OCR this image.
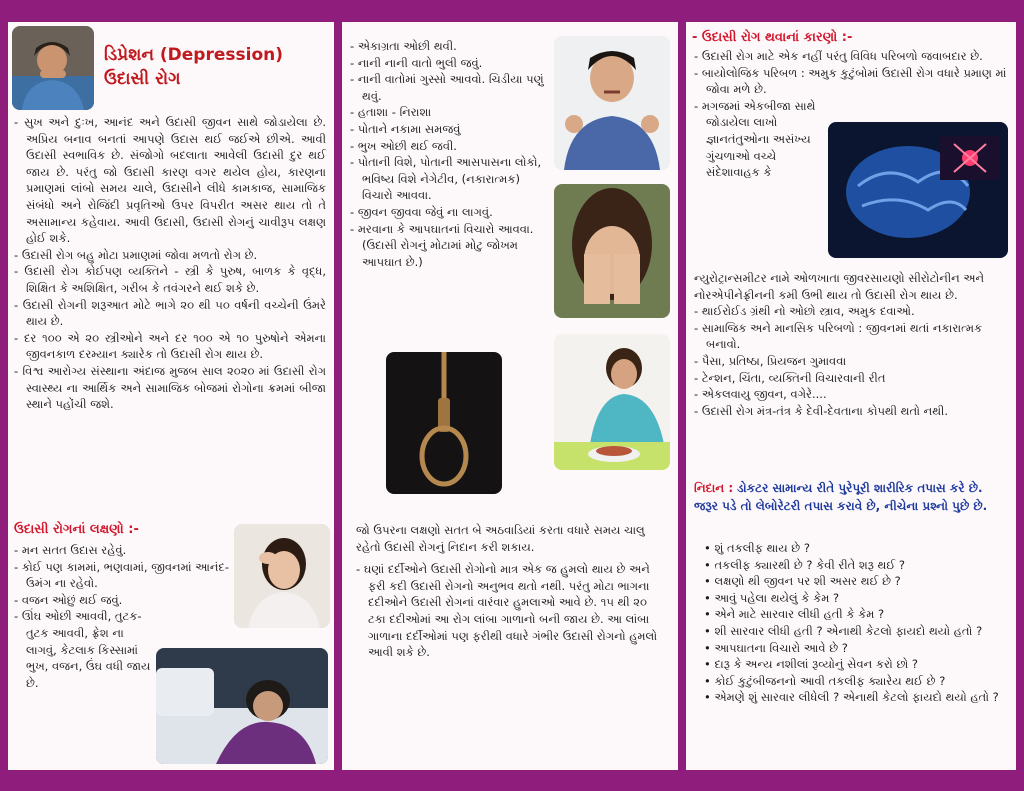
ડિપ્રેશન (Depression)
ઉદાસી રોગ

- સુખ અને દુઃખ, આનંદ અને ઉદાસી જીવન સાથે જોડાયેલા છે. અપ્રિય બનાવ બનતાં આપણે ઉદાસ થઈ જઈએ છીએ. આવી ઉદાસી સ્વભાવિક છે. સંજોગો બદલાતા આવેલી ઉદાસી દુર થઈ જાય છે. પરંતુ જો ઉદાસી કારણ વગર થયેલ હોય, કારણના પ્રમાણમાં લાંબો સમય ચાલે, ઉદાસીને લીધે કામકાજ, સામાજિક સંબંધો અને રોજિંદી પ્રવૃતિઓ ઉપર વિપરીત અસર થાય તો તે અસામાન્ય કહેવાય. આવી ઉદાસી, ઉદાસી રોગનું ચાવીરૂપ લક્ષણ હોઈ શકે.

- ઉદાસી રોગ બહુ મોટા પ્રમાણમાં જોવા મળતો રોગ છે.

- ઉદાસી રોગ કોઈપણ વ્યક્તિને - સ્ત્રી કે પુરુષ, બાળક કે વૃદ્ધ, શિક્ષિત કે અશિક્ષિત, ગરીબ કે તવંગરને થઈ શકે છે.

- ઉદાસી રોગની શરૂઆત મોટે ભાગે ૨૦ થી ૫૦ વર્ષની વચ્ચેની ઉંમરે થાય છે.

- દર ૧૦૦ એ ૨૦ સ્ત્રીઓને અને દર ૧૦૦ એ ૧૦ પુરુષોને એમના જીવનકાળ દરમ્યાન ક્યારેક તો ઉદાસી રોગ થાય છે.

- વિશ્વ આરોગ્ય સંસ્થાના અંદાજ મુજબ સાલ ૨૦૨૦ માં ઉદાસી રોગ સ્વાસ્થ્ય ના આર્થિક અને સામાજિક બોજમાં રોગોના ક્રમમાં બીજા સ્થાને પહોંચી જશે.

ઉદાસી રોગનાં લક્ષણો :-

- મન સતત ઉદાસ રહેવું.

- કોઈ પણ કામમાં, ભણવામાં, જીવનમાં આનંદ-ઉમંગ ના રહેવો.

- વજન ઓછું થઈ જવું.

- ઊંઘ ઓછી આવવી, તુટક-તુટક આવવી, ફ્રેશ ના લાગવું, કેટલાક કિસ્સામાં ભુખ, વજન, ઉંઘ વધી જાય છે.

- એકાગ્રતા ઓછી થવી.

- નાની નાની વાતો ભુલી જવું.

- નાની વાતોમાં ગુસ્સો આવવો. ચિડીયા પણું થવું.

- હતાશા - નિરાશા

- પોતાને નકામા સમજવું

- ભુખ ઓછી થઈ જવી.

- પોતાની વિશે, પોતાની આસપાસના લોકો, ભવિષ્ય વિશે નેગેટીવ, (નકારાત્મક) વિચારો આવવા.

- જીવન જીવવા જેવું ના લાગવું.

- મરવાના કે આપઘાતનાં વિચારો આવવા. (ઉદાસી રોગનું મોટામાં મોટુ જોખમ આપઘાત છે.)

જો ઉપરના લક્ષણો સતત બે અઠવાડિયાં કરતા વધારે સમય ચાલુ રહેતો ઉદાસી રોગનું નિદાન કરી શકાય.

- ઘણાં દર્દીઓને ઉદાસી રોગોનો માત્ર એક જ હુમલો થાય છે અને ફરી કદી ઉદાસી રોગનો અનુભવ થતો નથી. પરંતુ મોટા ભાગના દદીઓને ઉદાસી રોગનાં વારંવાર હુમલાઓ આવે છે. ૧૫ થી ૨૦ ટકા દદીઓમાં આ રોગ લાંબા ગાળાનો બની જાય છે. આ લાંબા ગાળાના દર્દીઓમાં પણ ફરીથી વધારે ગંભીર ઉદાસી રોગનો હુમલો આવી શકે છે.

- ઉદાસી રોગ થવાનાં કારણો :-

- ઉદાસી રોગ માટે એક નહીં પરંતુ વિવિધ પરિબળો જવાબદાર છે.

- બાયોલોજિક પરિબળ : અમુક કુટુંબોમાં ઉદાસી રોગ વધારે પ્રમાણ માં જોવા મળે છે.

- મગજમાં એકબીજા સાથે જોડાયેલા લાખો જ્ઞાનતંતુઓના અસંખ્ય ગુંચળાઓ વચ્ચે સંદેશાવાહક કે

ન્યુરોટ્રાન્સમીટર નામે ઓળખાતા જીવરસાયણો સીરોટોનીન અને નોરએપીનેફ્રીનની કમી ઉભી થાય તો ઉદાસી રોગ થાય છે.

- થાઈરોઈડ ગ્રંથી નો ઓછો સ્ત્રાવ, અમુક દવાઓ.

- સામાજિક અને માનસિક પરિબળો : જીવનમાં થતાં નકારાત્મક બનાવો.

- પૈસા, પ્રતિષ્ઠા, પ્રિયજન ગુમાવવા

- ટેન્શન, ચિંતા, વ્યક્તિની વિચારવાની રીત

- એકલવાયુ જીવન, વગેરે....

- ઉદાસી રોગ મંત્ર-તંત્ર કે દેવી-દેવતાના કોપથી થતો નથી.

નિદાન : ડોકટર સામાન્ય રીતે પુરેપૂરી શારીરિક તપાસ કરે છે. જરૂર પડે તો લેબોરેટરી તપાસ કરાવે છે, નીચેના પ્રશ્નો પુછે છે.

• શું તકલીફ થાય છે ?

• તકલીફ ક્યારથી છે ? કેવી રીતે શરૂ થઈ ?

• લક્ષણો થી જીવન પર શી અસર થઈ છે ?

• આવું પહેલા થયેલું કે કેમ ?

• એને માટે સારવાર લીધી હતી કે કેમ ?

• શી સારવાર લીધી હતી ? એનાથી કેટલો ફાયદો થયો હતો ?

• આપઘાતના વિચારો આવે છે ?

• દારૂ કે અન્ય નશીલાં રૂવ્યોનું સેવન કરો છો ?

• કોઈ કુટુંબીજનનો આવી તકલીફ ક્યારેય થઈ છે ?

• એમણે શું સારવાર લીધેલી ? એનાથી કેટલો ફાયદો થયો હતો ?
